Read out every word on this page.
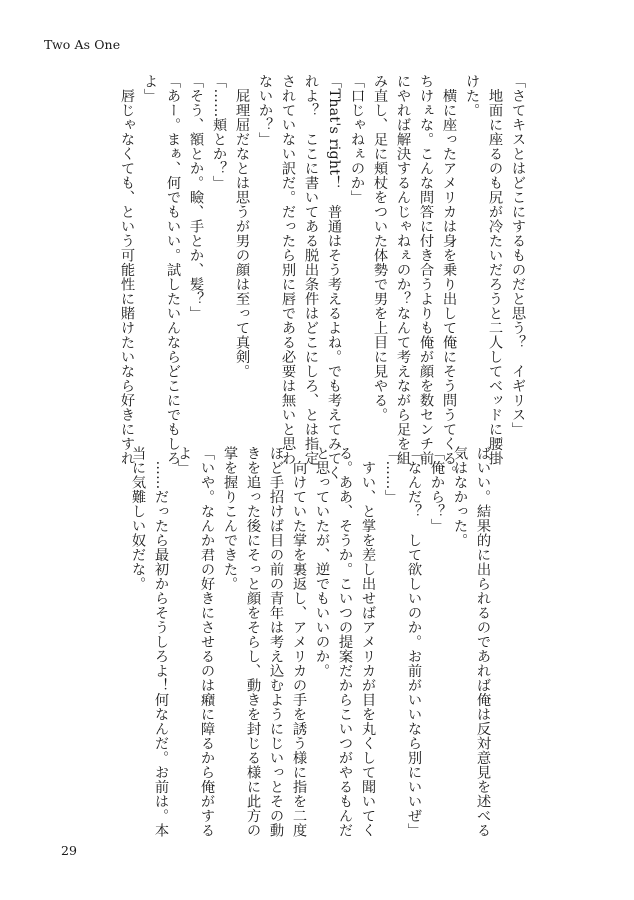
Two As One
「さてキスとはどこにするものだと思う？　イギリス」
　地面に座るのも尻が冷たいだろうと二人してベッドに腰掛
けた。
　横に座ったアメリカは身を乗り出して俺にそう問うてくる。
ちけぇな。こんな問答に付き合うよりも俺が顔を数センチ前
にやれば解決するんじゃねぇのか？なんて考えながら足を組
み直し、足に頬杖をついた体勢で男を上目に見やる。
「口じゃねぇのか」
「That's right！　普通はそう考えるよね。でも考えてみてく
れよ？　ここに書いてある脱出条件はどこにしろ、とは指定
されていない訳だ。だったら別に唇である必要は無いと思わ
ないか？」
　屁理屈だなとは思うが男の顔は至って真剣。
「……頬とか？」
「そう、額とか。瞼、手とか、髪？」
「あー。まぁ、何でもいい。試したいんならどこにでもしろ
よ」
　唇じゃなくても、という可能性に賭けたいなら好きにすれ
ばいい。結果的に出られるのであれば俺は反対意見を述べる
気はなかった。
「俺から？」
「なんだ？　して欲しいのか。お前がいいなら別にいいぜ」
「……」
　すい、と掌を差し出せばアメリカが目を丸くして聞いてく
る。ああ、そうか。こいつの提案だからこいつがやるもんだ
と思っていたが、逆でもいいのか。
　向けていた掌を裏返し、アメリカの手を誘う様に指を二度
ほど手招けば目の前の青年は考え込むようにじいっとその動
きを追った後にそっと顔をそらし、動きを封じる様に此方の
掌を握りこんできた。
「いや。なんか君の好きにさせるのは癪に障るから俺がする
よ」
　……だったら最初からそうしろよ！何なんだ。お前は。本
当に気難しい奴だな。
29
